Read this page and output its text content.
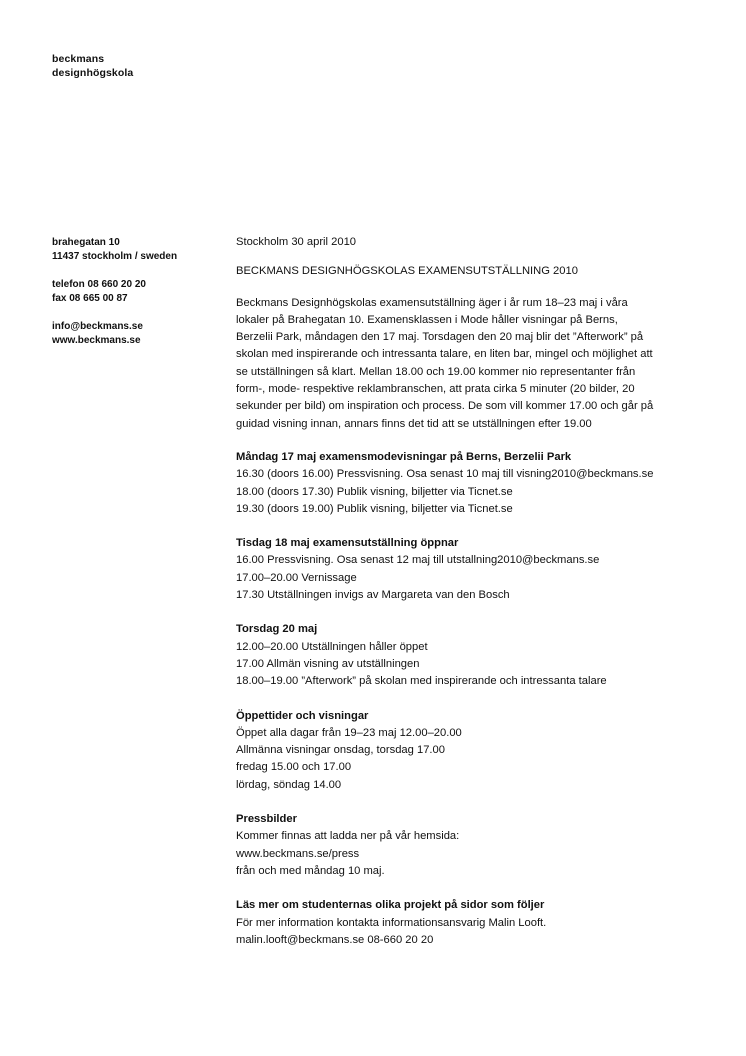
beckmans
designhögskola
brahegatan 10
11437 stockholm / sweden
telefon 08 660 20 20
fax 08 665 00 87
info@beckmans.se
www.beckmans.se
Stockholm 30 april 2010
BECKMANS DESIGNHÖGSKOLAS EXAMENSUTSTÄLLNING 2010
Beckmans Designhögskolas examensutställning äger i år rum 18–23 maj i våra
lokaler på Brahegatan 10. Examensklassen i Mode håller visningar på Berns,
Berzelii Park, måndagen den 17 maj. Torsdagen den 20 maj blir det ”Afterwork” på
skolan med inspirerande och intressanta talare, en liten bar, mingel och möjlighet att
se utställningen så klart. Mellan 18.00 och 19.00 kommer nio representanter från
form-, mode- respektive reklambranschen, att prata cirka 5 minuter (20 bilder, 20
sekunder per bild) om inspiration och process. De som vill kommer 17.00 och går på
guidad visning innan, annars finns det tid att se utställningen efter 19.00
Måndag 17 maj examensmodevisningar på Berns, Berzelii Park
16.30 (doors 16.00) Pressvisning. Osa senast 10 maj till visning2010@beckmans.se
18.00 (doors 17.30) Publik visning, biljetter via Ticnet.se
19.30 (doors 19.00) Publik visning, biljetter via Ticnet.se
Tisdag 18 maj examensutställning öppnar
16.00 Pressvisning. Osa senast 12 maj till utstallning2010@beckmans.se
17.00–20.00 Vernissage
17.30 Utställningen invigs av Margareta van den Bosch
Torsdag 20 maj
12.00–20.00 Utställningen håller öppet
17.00 Allmän visning av utställningen
18.00–19.00 ”Afterwork” på skolan med inspirerande och intressanta talare
Öppettider och visningar
Öppet alla dagar från 19–23 maj 12.00–20.00
Allmänna visningar onsdag, torsdag 17.00
fredag 15.00 och 17.00
lördag, söndag 14.00
Pressbilder
Kommer finnas att ladda ner på vår hemsida:
www.beckmans.se/press
från och med måndag 10 maj.
Läs mer om studenternas olika projekt på sidor som följer
För mer information kontakta informationsansvarig Malin Looft.
malin.looft@beckmans.se 08-660 20 20
